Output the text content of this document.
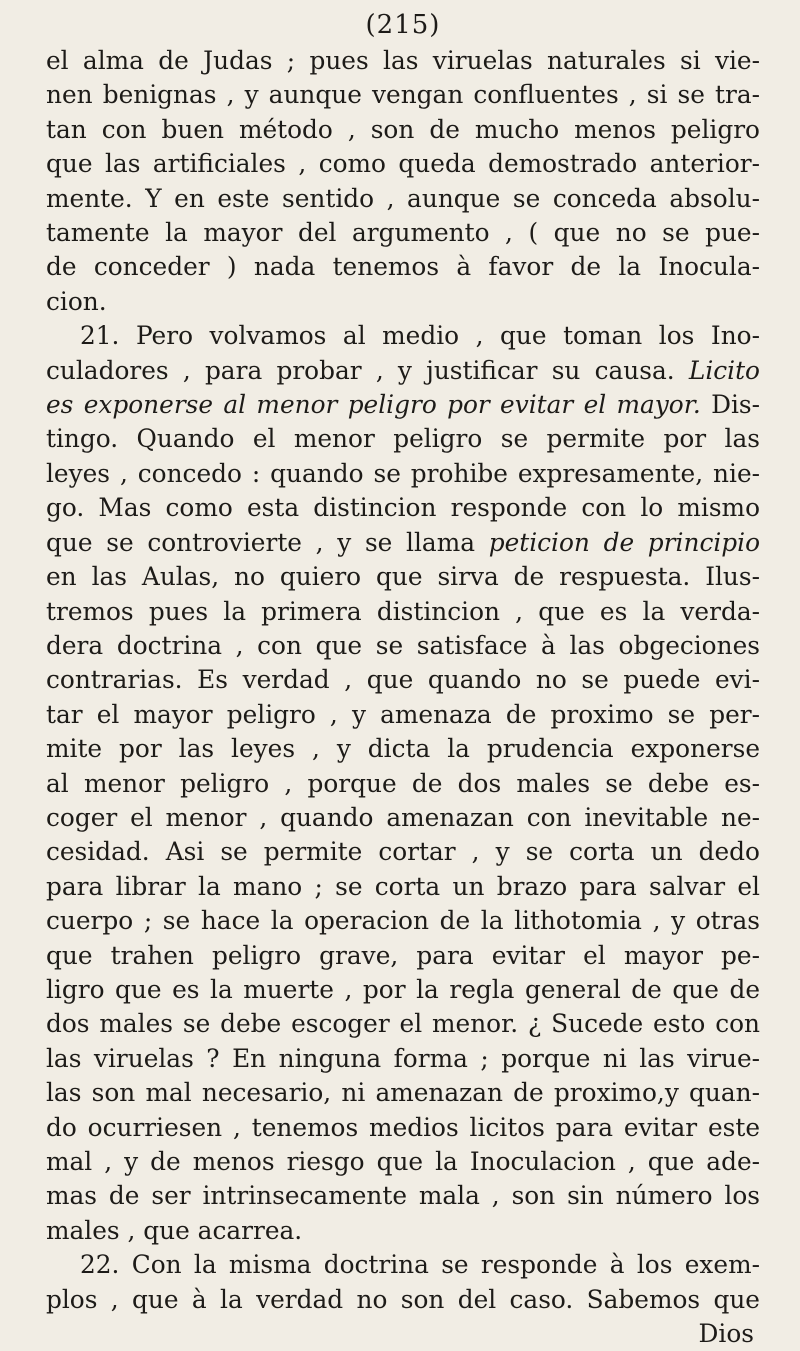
(215)
el alma de Judas ; pues las viruelas naturales si vie-
nen benignas , y aunque vengan confluentes , si se tra-
tan con buen método , son de mucho menos peligro
que las artificiales , como queda demostrado anterior-
mente. Y en este sentido , aunque se conceda absolu-
tamente la mayor del argumento , ( que no se pue-
de conceder ) nada tenemos à favor de la Inocula-
cion.
21. Pero volvamos al medio , que toman los Ino-
culadores , para probar , y justificar su causa. Licito
es exponerse al menor peligro por evitar el mayor. Dis-
tingo. Quando el menor peligro se permite por las
leyes , concedo : quando se prohibe expresamente, nie-
go. Mas como esta distincion responde con lo mismo
que se controvierte , y se llama peticion de principio
en las Aulas, no quiero que sirva de respuesta. Ilus-
tremos pues la primera distincion , que es la verda-
dera doctrina , con que se satisface à las obgeciones
contrarias. Es verdad , que quando no se puede evi-
tar el mayor peligro , y amenaza de proximo se per-
mite por las leyes , y dicta la prudencia exponerse
al menor peligro , porque de dos males se debe es-
coger el menor , quando amenazan con inevitable ne-
cesidad. Asi se permite cortar , y se corta un dedo
para librar la mano ; se corta un brazo para salvar el
cuerpo ; se hace la operacion de la lithotomia , y otras
que trahen peligro grave, para evitar el mayor pe-
ligro que es la muerte , por la regla general de que de
dos males se debe escoger el menor. ¿ Sucede esto con
las viruelas ? En ninguna forma ; porque ni las virue-
las son mal necesario, ni amenazan de proximo,y quan-
do ocurriesen , tenemos medios licitos para evitar este
mal , y de menos riesgo que la Inoculacion , que ade-
mas de ser intrinsecamente mala , son sin número los
males , que acarrea.
22. Con la misma doctrina se responde à los exem-
plos , que à la verdad no son del caso. Sabemos que
Dios
